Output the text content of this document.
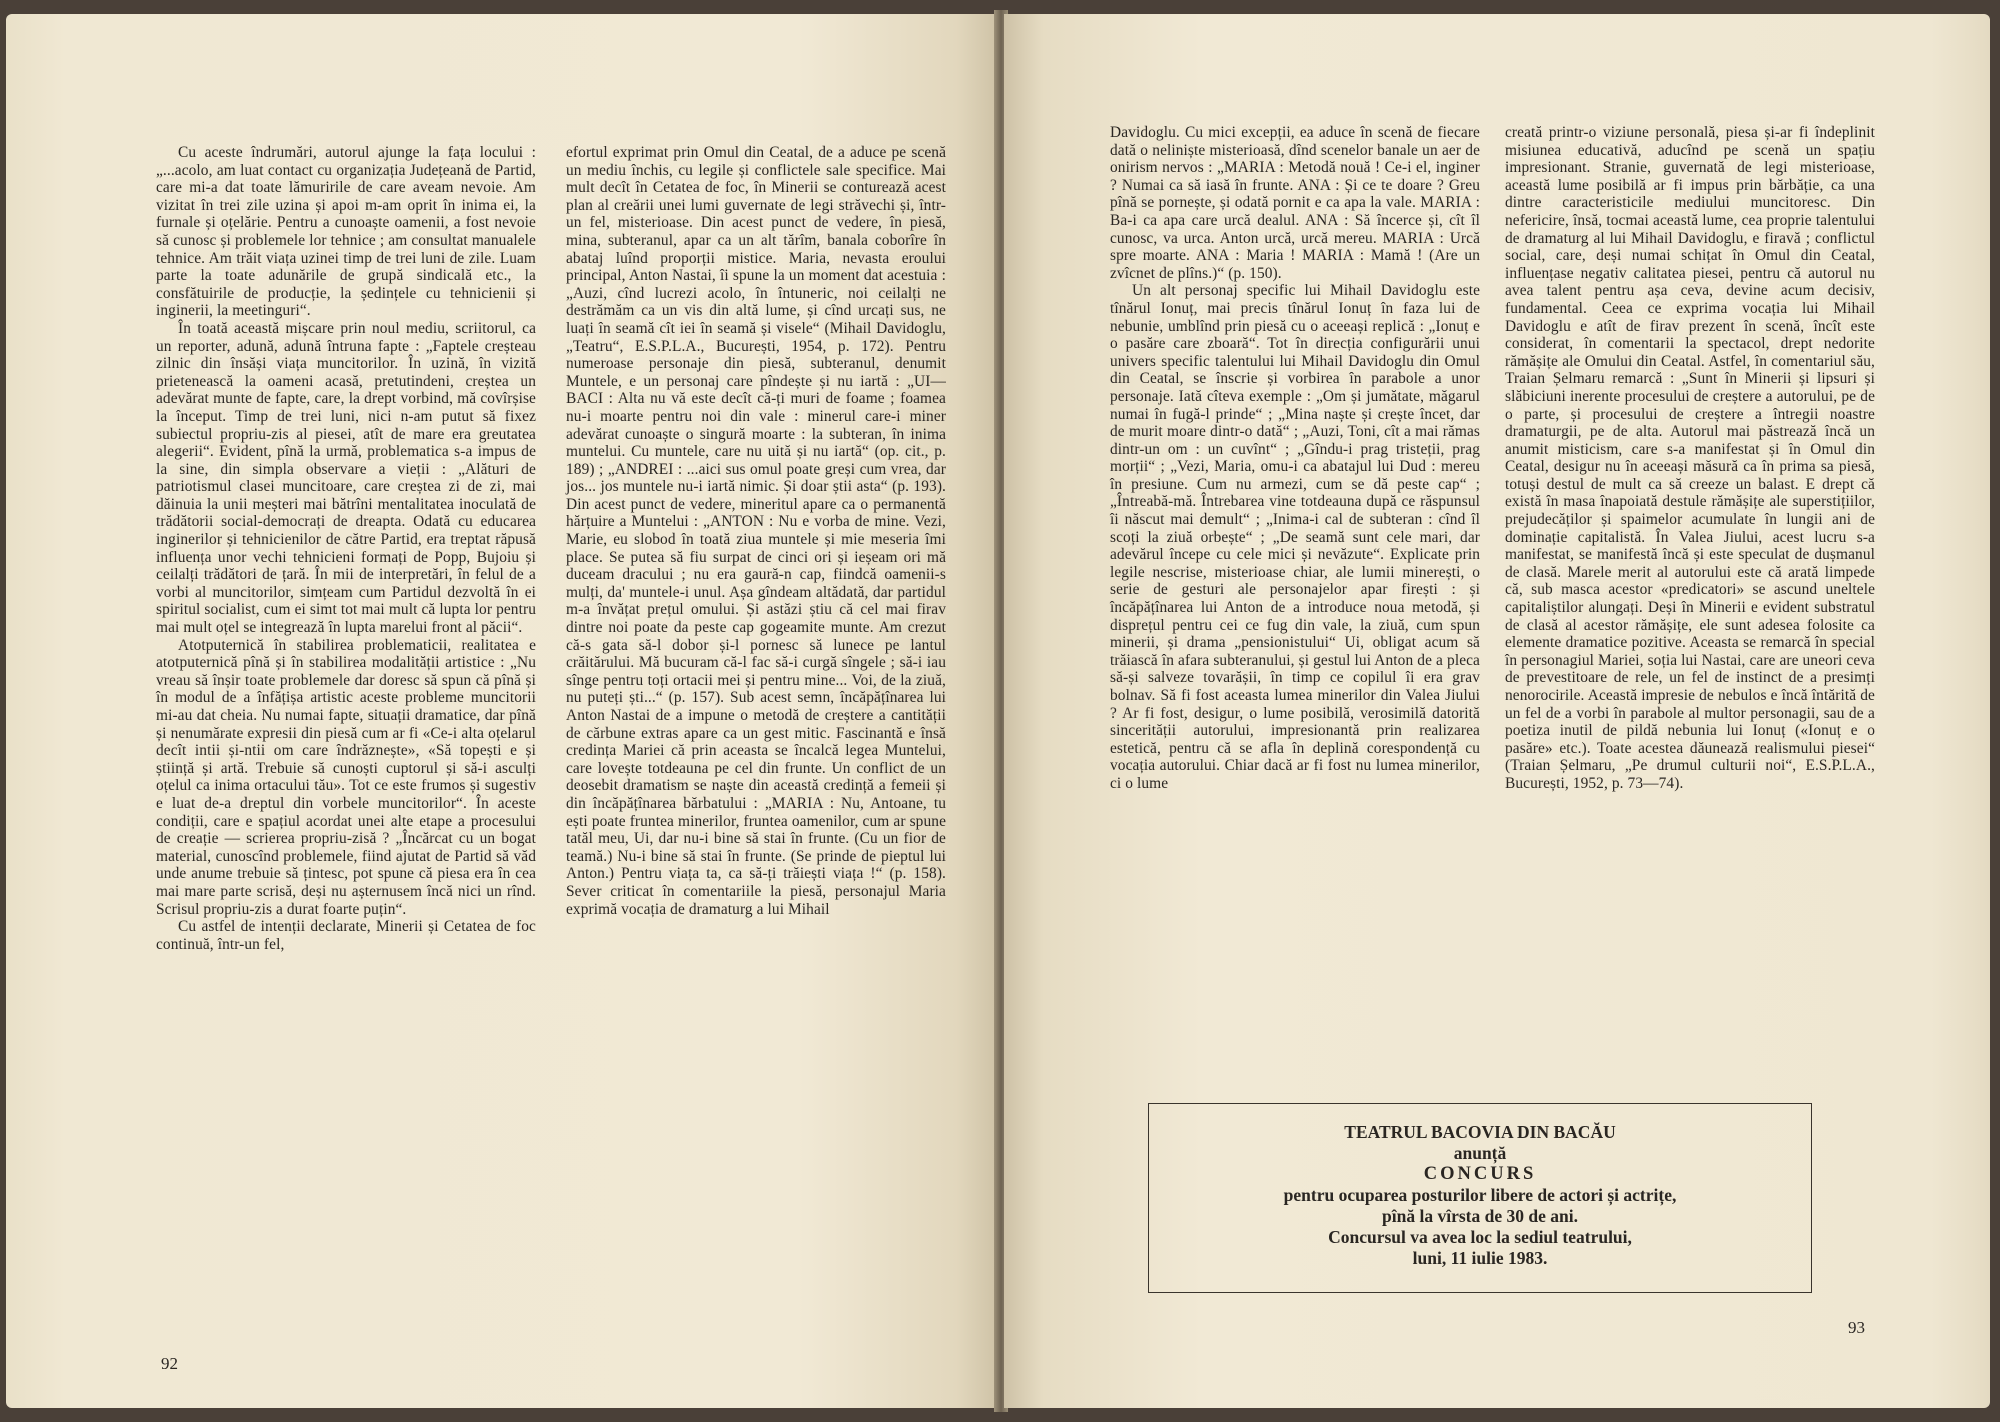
Cu aceste îndrumări, autorul ajunge la fața locului : „...acolo, am luat contact cu organizația Județeană de Partid, care mi-a dat toate lămuririle de care aveam nevoie. Am vizitat în trei zile uzina și apoi m-am oprit în inima ei, la furnale și oțelărie. Pentru a cunoaște oamenii, a fost nevoie să cunosc și problemele lor tehnice ; am consultat manualele tehnice. Am trăit viața uzinei timp de trei luni de zile. Luam parte la toate adunările de grupă sindicală etc., la consfătuirile de producție, la ședințele cu tehnicienii și inginerii, la meetinguri“.

În toată această mișcare prin noul mediu, scriitorul, ca un reporter, adună, adună întruna fapte : „Faptele creșteau zilnic din însăși viața muncitorilor. În uzină, în vizită prietenească la oameni acasă, pretutindeni, creștea un adevărat munte de fapte, care, la drept vorbind, mă covîrșise la început. Timp de trei luni, nici n-am putut să fixez subiectul propriu-zis al piesei, atît de mare era greutatea alegerii“. Evident, pînă la urmă, problematica s-a impus de la sine, din simpla observare a vieții : „Alături de patriotismul clasei muncitoare, care creștea zi de zi, mai dăinuia la unii meșteri mai bătrîni mentalitatea inoculată de trădătorii social-democrați de dreapta. Odată cu educarea inginerilor și tehnicienilor de către Partid, era treptat răpusă influența unor vechi tehnicieni formați de Popp, Bujoiu și ceilalți trădători de țară. În mii de interpretări, în felul de a vorbi al muncitorilor, simțeam cum Partidul dezvoltă în ei spiritul socialist, cum ei simt tot mai mult că lupta lor pentru mai mult oțel se integrează în lupta marelui front al păcii“.

Atotputernică în stabilirea problematicii, realitatea e atotputernică pînă și în stabilirea modalității artistice : „Nu vreau să înșir toate problemele dar doresc să spun că pînă și în modul de a înfățișa artistic aceste probleme muncitorii mi-au dat cheia. Nu numai fapte, situații dramatice, dar pînă și nenumărate expresii din piesă cum ar fi «Ce-i alta oțelarul decît intii și-ntii om care îndrăznește», «Să topești e și știință și artă. Trebuie să cunoști cuptorul și să-i asculți oțelul ca inima ortacului tău». Tot ce este frumos și sugestiv e luat de-a dreptul din vorbele muncitorilor“. În aceste condiții, care e spațiul acordat unei alte etape a procesului de creație — scrierea propriu-zisă ? „Încărcat cu un bogat material, cunoscînd problemele, fiind ajutat de Partid să văd unde anume trebuie să țintesc, pot spune că piesa era în cea mai mare parte scrisă, deși nu așternusem încă nici un rînd. Scrisul propriu-zis a durat foarte puțin“.

Cu astfel de intenții declarate, Minerii și Cetatea de foc continuă, într-un fel,

efortul exprimat prin Omul din Ceatal, de a aduce pe scenă un mediu închis, cu legile și conflictele sale specifice. Mai mult decît în Cetatea de foc, în Minerii se conturează acest plan al creării unei lumi guvernate de legi străvechi și, într-un fel, misterioase. Din acest punct de vedere, în piesă, mina, subteranul, apar ca un alt tărîm, banala coborîre în abataj luînd proporții mistice. Maria, nevasta eroului principal, Anton Nastai, îi spune la un moment dat acestuia : „Auzi, cînd lucrezi acolo, în întuneric, noi ceilalți ne destrămăm ca un vis din altă lume, și cînd urcați sus, ne luați în seamă cît iei în seamă și visele“ (Mihail Davidoglu, „Teatru“, E.S.P.L.A., București, 1954, p. 172). Pentru numeroase personaje din piesă, subteranul, denumit Muntele, e un personaj care pîndește și nu iartă : „UI—BACI : Alta nu vă este decît că-ți muri de foame ; foamea nu-i moarte pentru noi din vale : minerul care-i miner adevărat cunoaște o singură moarte : la subteran, în inima muntelui. Cu muntele, care nu uită și nu iartă“ (op. cit., p. 189) ; „ANDREI : ...aici sus omul poate greși cum vrea, dar jos... jos muntele nu-i iartă nimic. Și doar știi asta“ (p. 193). Din acest punct de vedere, mineritul apare ca o permanentă hărțuire a Muntelui : „ANTON : Nu e vorba de mine. Vezi, Marie, eu slobod în toată ziua muntele și mie meseria îmi place. Se putea să fiu surpat de cinci ori și ieșeam ori mă duceam dracului ; nu era gaură-n cap, fiindcă oamenii-s mulți, da' muntele-i unul. Așa gîndeam altădată, dar partidul m-a învățat prețul omului. Și astăzi știu că cel mai firav dintre noi poate da peste cap gogeamite munte. Am crezut că-s gata să-l dobor și-l pornesc să lunece pe lantul crăitărului. Mă bucuram că-l fac să-i curgă sîngele ; să-i iau sînge pentru toți ortacii mei și pentru mine... Voi, de la ziuă, nu puteți ști...“ (p. 157). Sub acest semn, încăpățînarea lui Anton Nastai de a impune o metodă de creștere a cantității de cărbune extras apare ca un gest mitic. Fascinantă e însă credința Mariei că prin aceasta se încalcă legea Muntelui, care lovește totdeauna pe cel din frunte. Un conflict de un deosebit dramatism se naște din această credință a femeii și din încăpățînarea bărbatului : „MARIA : Nu, Antoane, tu ești poate fruntea minerilor, fruntea oamenilor, cum ar spune tatăl meu, Ui, dar nu-i bine să stai în frunte. (Cu un fior de teamă.) Nu-i bine să stai în frunte. (Se prinde de pieptul lui Anton.) Pentru viața ta, ca să-ți trăiești viața !“ (p. 158). Sever criticat în comentariile la piesă, personajul Maria exprimă vocația de dramaturg a lui Mihail

92

Davidoglu. Cu mici excepții, ea aduce în scenă de fiecare dată o neliniște misterioasă, dînd scenelor banale un aer de onirism nervos : „MARIA : Metodă nouă ! Ce-i el, inginer ? Numai ca să iasă în frunte. ANA : Și ce te doare ? Greu pînă se pornește, și odată pornit e ca apa la vale. MARIA : Ba-i ca apa care urcă dealul. ANA : Să încerce și, cît îl cunosc, va urca. Anton urcă, urcă mereu. MARIA : Urcă spre moarte. ANA : Maria ! MARIA : Mamă ! (Are un zvîcnet de plîns.)“ (p. 150).

Un alt personaj specific lui Mihail Davidoglu este tînărul Ionuț, mai precis tînărul Ionuț în faza lui de nebunie, umblînd prin piesă cu o aceeași replică : „Ionuț e o pasăre care zboară“. Tot în direcția configurării unui univers specific talentului lui Mihail Davidoglu din Omul din Ceatal, se înscrie și vorbirea în parabole a unor personaje. Iată cîteva exemple : „Om și jumătate, măgarul numai în fugă-l prinde“ ; „Mina naște și crește încet, dar de murit moare dintr-o dată“ ; „Auzi, Toni, cît a mai rămas dintr-un om : un cuvînt“ ; „Gîndu-i prag tristeții, prag morții“ ; „Vezi, Maria, omu-i ca abatajul lui Dud : mereu în presiune. Cum nu armezi, cum se dă peste cap“ ; „Întreabă-mă. Întrebarea vine totdeauna după ce răspunsul îi născut mai demult“ ; „Inima-i cal de subteran : cînd îl scoți la ziuă orbește“ ; „De seamă sunt cele mari, dar adevărul începe cu cele mici și nevăzute“. Explicate prin legile nescrise, misterioase chiar, ale lumii minerești, o serie de gesturi ale personajelor apar firești : și încăpățînarea lui Anton de a introduce noua metodă, și disprețul pentru cei ce fug din vale, la ziuă, cum spun minerii, și drama „pensionistului“ Ui, obligat acum să trăiască în afara subteranului, și gestul lui Anton de a pleca să-și salveze tovarășii, în timp ce copilul îi era grav bolnav. Să fi fost aceasta lumea minerilor din Valea Jiului ? Ar fi fost, desigur, o lume posibilă, verosimilă datorită sincerității autorului, impresionantă prin realizarea estetică, pentru că se afla în deplină corespondență cu vocația autorului. Chiar dacă ar fi fost nu lumea minerilor, ci o lume

creată printr-o viziune personală, piesa și-ar fi îndeplinit misiunea educativă, aducînd pe scenă un spațiu impresionant. Stranie, guvernată de legi misterioase, această lume posibilă ar fi impus prin bărbăție, ca una dintre caracteristicile mediului muncitoresc. Din nefericire, însă, tocmai această lume, cea proprie talentului de dramaturg al lui Mihail Davidoglu, e firavă ; conflictul social, care, deși numai schițat în Omul din Ceatal, influențase negativ calitatea piesei, pentru că autorul nu avea talent pentru așa ceva, devine acum decisiv, fundamental. Ceea ce exprima vocația lui Mihail Davidoglu e atît de firav prezent în scenă, încît este considerat, în comentarii la spectacol, drept nedorite rămășițe ale Omului din Ceatal. Astfel, în comentariul său, Traian Șelmaru remarcă : „Sunt în Minerii și lipsuri și slăbiciuni inerente procesului de creștere a autorului, pe de o parte, și procesului de creștere a întregii noastre dramaturgii, pe de alta. Autorul mai păstrează încă un anumit misticism, care s-a manifestat și în Omul din Ceatal, desigur nu în aceeași măsură ca în prima sa piesă, totuși destul de mult ca să creeze un balast. E drept că există în masa înapoiată destule rămășițe ale superstițiilor, prejudecăților și spaimelor acumulate în lungii ani de dominație capitalistă. În Valea Jiului, acest lucru s-a manifestat, se manifestă încă și este speculat de dușmanul de clasă. Marele merit al autorului este că arată limpede că, sub masca acestor «predicatori» se ascund uneltele capitaliștilor alungați. Deși în Minerii e evident substratul de clasă al acestor rămășițe, ele sunt adesea folosite ca elemente dramatice pozitive. Aceasta se remarcă în special în personagiul Mariei, soția lui Nastai, care are uneori ceva de prevestitoare de rele, un fel de instinct de a presimți nenorocirile. Această impresie de nebulos e încă întărită de un fel de a vorbi în parabole al multor personagii, sau de a poetiza inutil de pildă nebunia lui Ionuț («Ionuț e o pasăre» etc.). Toate acestea dăunează realismului piesei“ (Traian Șelmaru, „Pe drumul culturii noi“, E.S.P.L.A., București, 1952, p. 73—74).

TEATRUL BACOVIA DIN BACĂU
anunță
CONCURS
pentru ocuparea posturilor libere de actori și actrițe,
pînă la vîrsta de 30 de ani.
Concursul va avea loc la sediul teatrului,
luni, 11 iulie 1983.
93
